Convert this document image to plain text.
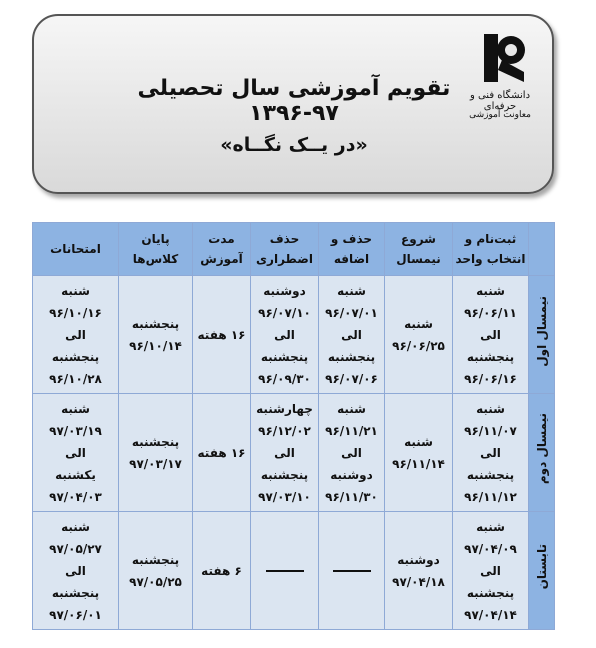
دانشگاه فنی و حرفه‌ای
معاونت آموزشی
تقویم آموزشی سال تحصیلی ۹۷-۱۳۹۶
«در یــک نگــاه»
	ثبت‌نام و انتخاب واحد	شروع نیمسال	حذف و اضافه	حذف اضطراری	مدت آموزش	پایان کلاس‌ها	امتحانات
نیمسال اول	شنبه
۹۶/۰۶/۱۱
الی
پنجشنبه
۹۶/۰۶/۱۶	شنبه
۹۶/۰۶/۲۵	شنبه
۹۶/۰۷/۰۱
الی
پنجشنبه
۹۶/۰۷/۰۶	دوشنبه
۹۶/۰۷/۱۰
الی
پنجشنبه
۹۶/۰۹/۳۰	۱۶ هفته	پنجشنبه
۹۶/۱۰/۱۴	شنبه
۹۶/۱۰/۱۶
الی
پنجشنبه
۹۶/۱۰/۲۸

نیمسال دوم	شنبه
۹۶/۱۱/۰۷
الی
پنجشنبه
۹۶/۱۱/۱۲	شنبه
۹۶/۱۱/۱۴	شنبه
۹۶/۱۱/۲۱
الی
دوشنبه
۹۶/۱۱/۳۰	چهارشنبه
۹۶/۱۲/۰۲
الی
پنجشنبه
۹۷/۰۳/۱۰	۱۶ هفته	پنجشنبه
۹۷/۰۳/۱۷	شنبه
۹۷/۰۳/۱۹
الی
یکشنبه
۹۷/۰۴/۰۳

تابستان	شنبه
۹۷/۰۴/۰۹
الی
پنجشنبه
۹۷/۰۴/۱۴	دوشنبه
۹۷/۰۴/۱۸			۶ هفته	پنجشنبه
۹۷/۰۵/۲۵	شنبه
۹۷/۰۵/۲۷
الی
پنجشنبه
۹۷/۰۶/۰۱
